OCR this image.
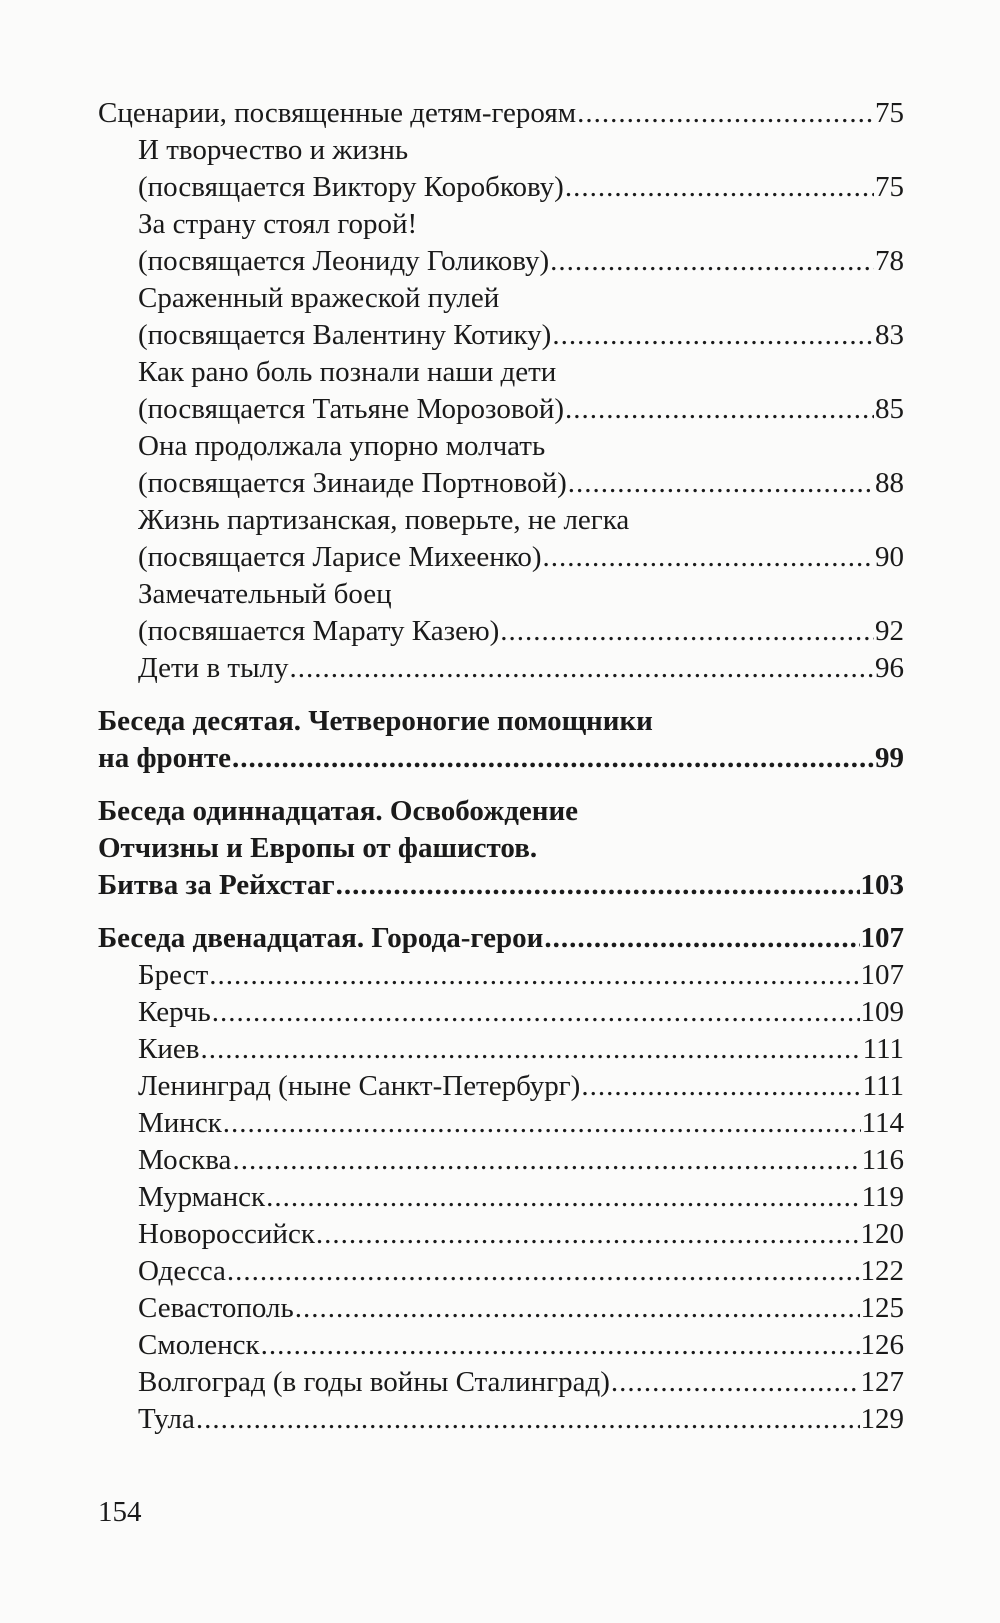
Сценарии, посвященные детям-героям .....	75
И творчество и жизнь
(посвящается Виктору Коробкову) .....	75
За страну стоял горой!
(посвящается Леониду Голикову) .....	78
Сраженный вражеской пулей
(посвящается Валентину Котику) .....	83
Как рано боль познали наши дети
(посвящается Татьяне Морозовой) .....	85
Она продолжала упорно молчать
(посвящается Зинаиде Портновой) .....	88
Жизнь партизанская, поверьте, не легка
(посвящается Ларисе Михеенко) .....	90
Замечательный боец
(посвяшается Марату Казею) .....	92
Дети в тылу .....	96
Беседа десятая. Четвероногие помощники
на фронте .....	99
Беседа одиннадцатая. Освобождение
Отчизны и Европы от фашистов.
Битва за Рейхстаг .....	103
Беседа двенадцатая. Города-герои .....	107
Брест .....	107
Керчь .....	109
Киев .....	111
Ленинград (ныне Санкт-Петербург) .....	111
Минск .....	114
Москва .....	116
Мурманск .....	119
Новороссийск .....	120
Одесса .....	122
Севастополь .....	125
Смоленск .....	126
Волгоград (в годы войны Сталинград) .....	127
Тула .....	129
154
